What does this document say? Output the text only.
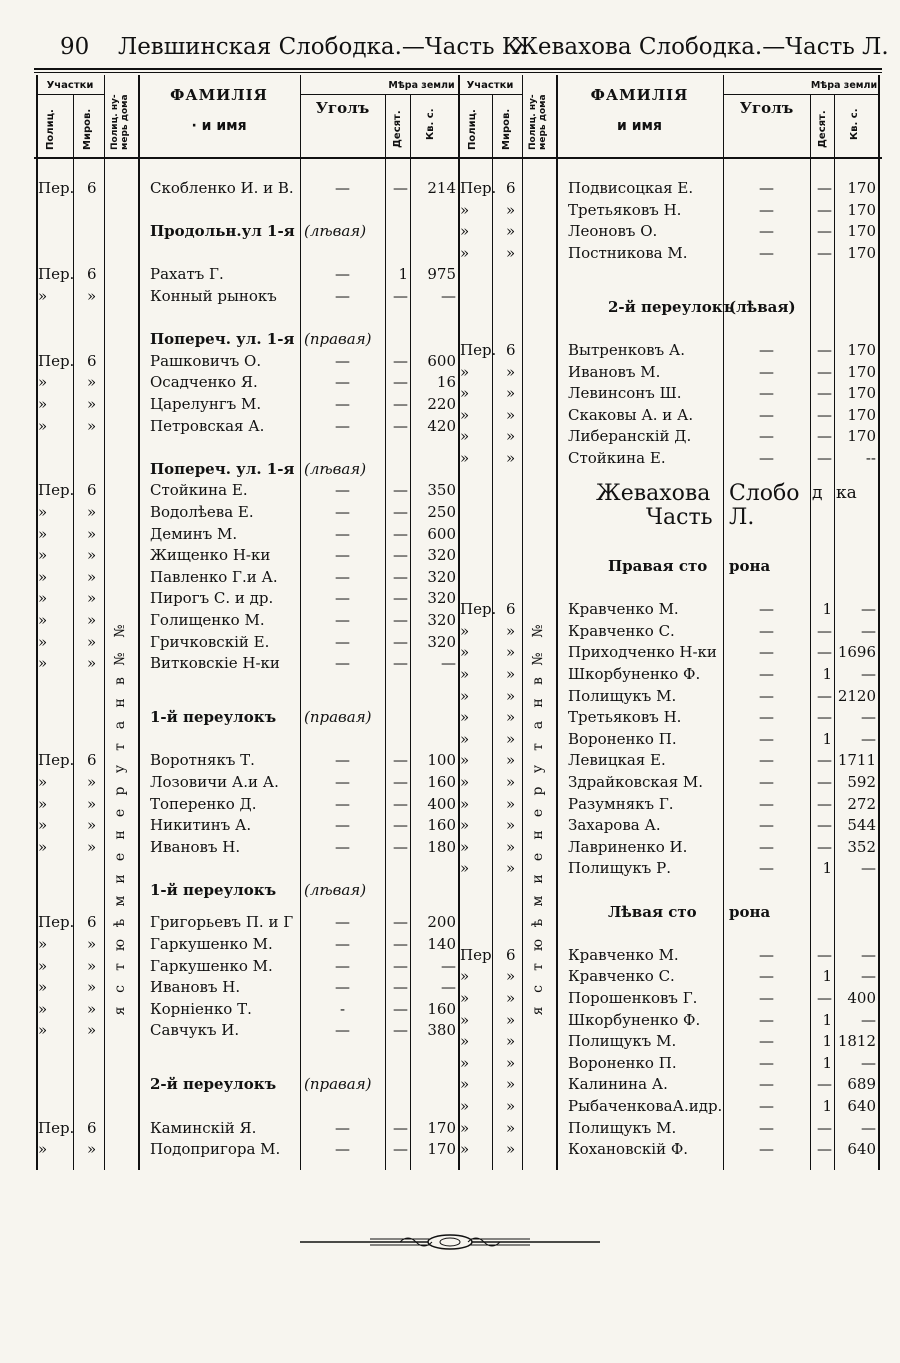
90 Левшинская Слободка.—Часть К.
Жевахова Слободка.—Часть Л.
Участки
Полиц.	Миров. Полиц. ну-мерь дома	ФАМИЛIЯ
· и имя
Уголъ
Мѣра земли
Десят. Кв. с.
Участки
Полиц. Миров. Полиц. ну-мерь дома	ФАМИЛIЯ
и имя
Уголъ
Мѣра земли
Десят. Кв. с.
Пер. 6	Скобленко И. и В.	—	—	214
Продольн.ул 1-я (лѣвая)
Пер. 6	Рахатъ Г.	—	1	975
»	»	Конный рынокъ	—	—	—
Попереч. ул. 1-я (правая)
Пер. 6	Рашковичъ О.	—	—	600
»	»	Осадченко Я.	—	—	16
»	»	Царелунгъ М.	—	—	220
»	»	Петровская А.	—	—	420
Попереч. ул. 1-я (лѣвая)
Пер. 6	Стойкина Е.	—	—	350
»	»	Водолѣева Е.	—	—	250
»	»	Деминъ М.	—	—	600
»	»	Жищенко Н-ки	—	—	320
»	»	Павленко Г.и А.	—	—	320
»	»	Пирогъ С. и др.	—	—	320
»	»	Голищенко М.	—	—	320
»	»	Гричковскій Е.	—	—	320
»	»	Витковскіе Н-ки	—	—	—
1-й переулокъ (правая)
Пер. 6	Воротнякъ Т.	—	—	100
»	»	Лозовичи А.и А.	—	—	160
»	»	Топеренко Д.	—	—	400
»	»	Никитинъ А.	—	—	160
»	»	Ивановъ Н.	—	—	180
1-й переулокъ (лѣвая)
Пер. 6	Григорьевъ П. и Г	—	—	200
»	»	Гаркушенко М.	—	—	140
»	»	Гаркушенко М.	—	—	—
»	»	Ивановъ Н.	—	—	—
»	»	Корніенко Т.	-	—	160
»	»	Савчукъ И.	—	—	380
2-й переулокъ (правая)
Пер. 6	Каминскій Я.	—	—	170
»	»	Подопригора М.	—	—	170
Пер. 6	Подвисоцкая Е.	—	—	170
» »	Третьяковъ Н.	—	—	170
» »	Леоновъ О.	—	—	170
» »	Постникова М.	—	—	170
2-й переулокъ
(лѣвая)
Пер. 6	Вытренковъ А.	—	—	170
» »	Ивановъ М.	—	—	170
» »	Левинсонъ Ш.	—	—	170
» »	Скаковы А. и А.	—	—	170
» »	Либеранскій Д.	—	—	170
» »	Стойкина Е.	—	—	--
Жевахова Слобо д ка
Часть Л.
Правая сто рона
Пер. 6	Кравченко М.	—	1	—
» »	Кравченко С.	—	—	—
» »	Приходченко Н-ки	—	— 1696
» »	Шкорбуненко Ф.	—	1	—
» »	Полищукъ М.	—	— 2120
» »	Третьяковъ Н.	—	—	—
» »	Вороненко П.	—	1	—
» »	Левицкая Е.	—	— 1711
» »	Здрайковская М.	—	—	592
» »	Разумнякъ Г.	—	—	272
» »	Захарова А.	—	—	544
» »	Лавриненко И.	—	—	352
» »	Полищукъ Р.	—	1	—
Лѣвая сто рона
Пер 6	Кравченко М.	—	—	—
» »	Кравченко С.	—	1	—
» »	Порошенковъ Г.	—	—	400
» »	Шкорбуненко Ф.	—	1	—
» »	Полищукъ М.	—	1 1812
» »	Вороненко П.	—	1	—
» »	Калинина А.	—	—	689
» »	РыбаченковаА.идр.	—	1	640
» »	Полищукъ М.	—	—	—
» »	Кохановскій Ф.	—	—	640
я
с
т
ю
ѣ
м
и
е
н
е
р
у
т
а
н
в
№
№
я
с
т
ю
ѣ
м
и
е
н
е
р
у
т
а
н
в
№
№
